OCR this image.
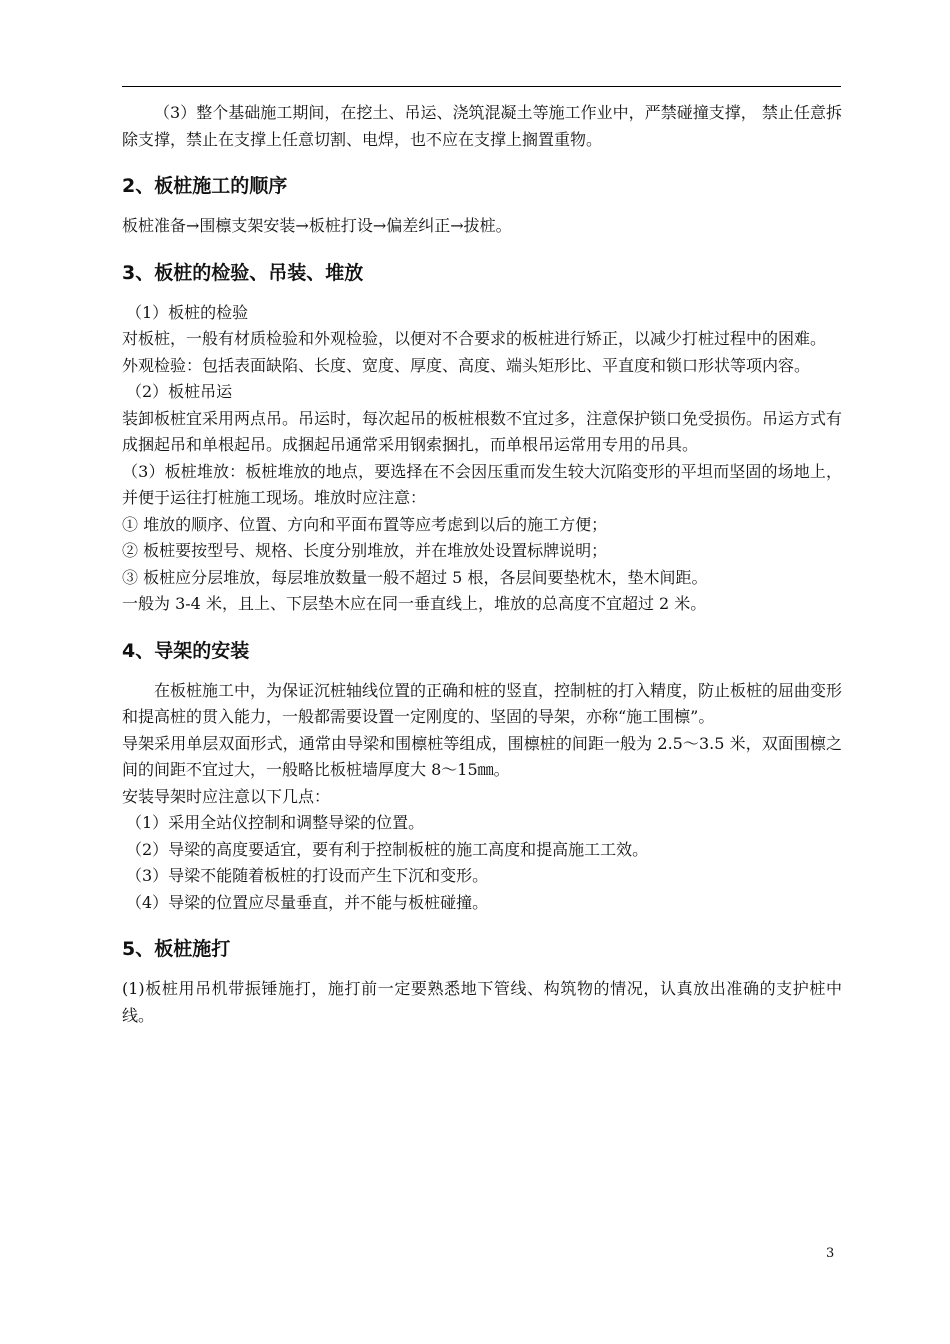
（3）整个基础施工期间，在挖土、吊运、浇筑混凝土等施工作业中，严禁碰撞支撑， 禁止任意拆除支撑，禁止在支撑上任意切割、电焊，也不应在支撑上搁置重物。

2、板桩施工的顺序

板桩准备→围檩支架安装→板桩打设→偏差纠正→拔桩。

3、板桩的检验、吊装、堆放

（1）板桩的检验

对板桩，一般有材质检验和外观检验，以便对不合要求的板桩进行矫正，以减少打桩过程中的困难。

外观检验：包括表面缺陷、长度、宽度、厚度、高度、端头矩形比、平直度和锁口形状等项内容。

（2）板桩吊运

装卸板桩宜采用两点吊。吊运时，每次起吊的板桩根数不宜过多，注意保护锁口免受损伤。吊运方式有成捆起吊和单根起吊。成捆起吊通常采用钢索捆扎，而单根吊运常用专用的吊具。

（3）板桩堆放：板桩堆放的地点，要选择在不会因压重而发生较大沉陷变形的平坦而坚固的场地上，并便于运往打桩施工现场。堆放时应注意：

① 堆放的顺序、位置、方向和平面布置等应考虑到以后的施工方便；

② 板桩要按型号、规格、长度分别堆放，并在堆放处设置标牌说明；

③ 板桩应分层堆放，每层堆放数量一般不超过 5 根，各层间要垫枕木，垫木间距。

一般为 3-4 米，且上、下层垫木应在同一垂直线上，堆放的总高度不宜超过 2 米。

4、导架的安装

在板桩施工中，为保证沉桩轴线位置的正确和桩的竖直，控制桩的打入精度，防止板桩的屈曲变形和提高桩的贯入能力，一般都需要设置一定刚度的、坚固的导架，亦称“施工围檩”。

导架采用单层双面形式，通常由导梁和围檩桩等组成，围檩桩的间距一般为 2.5～3.5 米，双面围檩之间的间距不宜过大，一般略比板桩墙厚度大 8～15㎜。

安装导架时应注意以下几点：

（1）采用全站仪控制和调整导梁的位置。

（2）导梁的高度要适宜，要有利于控制板桩的施工高度和提高施工工效。

（3）导梁不能随着板桩的打设而产生下沉和变形。

（4）导梁的位置应尽量垂直，并不能与板桩碰撞。

5、板桩施打

(1)板桩用吊机带振锤施打，施打前一定要熟悉地下管线、构筑物的情况，认真放出准确的支护桩中线。

3
